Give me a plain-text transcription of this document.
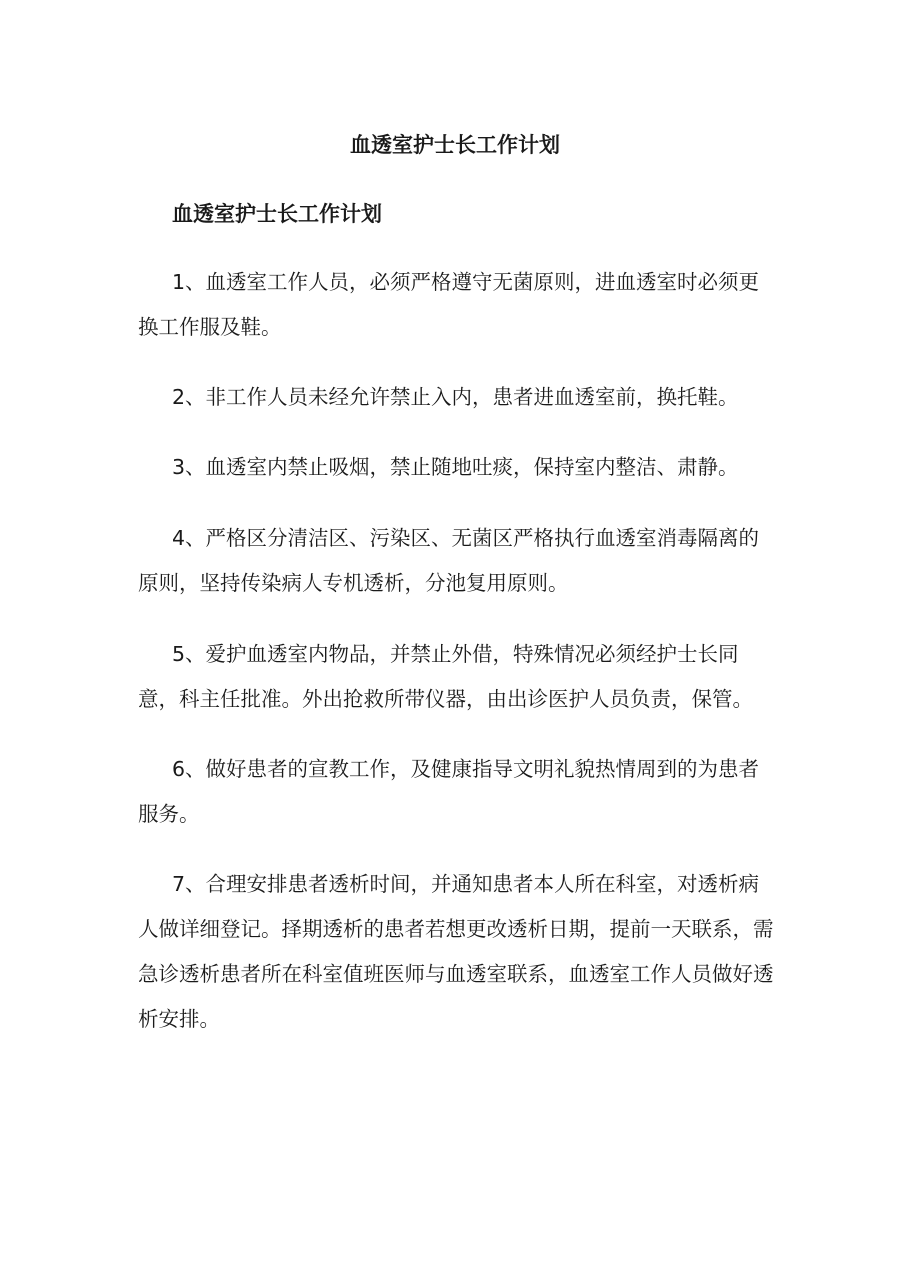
血透室护士长工作计划
血透室护士长工作计划

1、血透室工作人员，必须严格遵守无菌原则，进血透室时必须更换工作服及鞋。

2、非工作人员未经允许禁止入内，患者进血透室前，换托鞋。

3、血透室内禁止吸烟，禁止随地吐痰，保持室内整洁、肃静。

4、严格区分清洁区、污染区、无菌区严格执行血透室消毒隔离的原则，坚持传染病人专机透析，分池复用原则。

5、爱护血透室内物品，并禁止外借，特殊情况必须经护士长同意，科主任批准。外出抢救所带仪器，由出诊医护人员负责，保管。

6、做好患者的宣教工作，及健康指导文明礼貌热情周到的为患者服务。

7、合理安排患者透析时间，并通知患者本人所在科室，对透析病人做详细登记。择期透析的患者若想更改透析日期，提前一天联系，需急诊透析患者所在科室值班医师与血透室联系，血透室工作人员做好透析安排。
